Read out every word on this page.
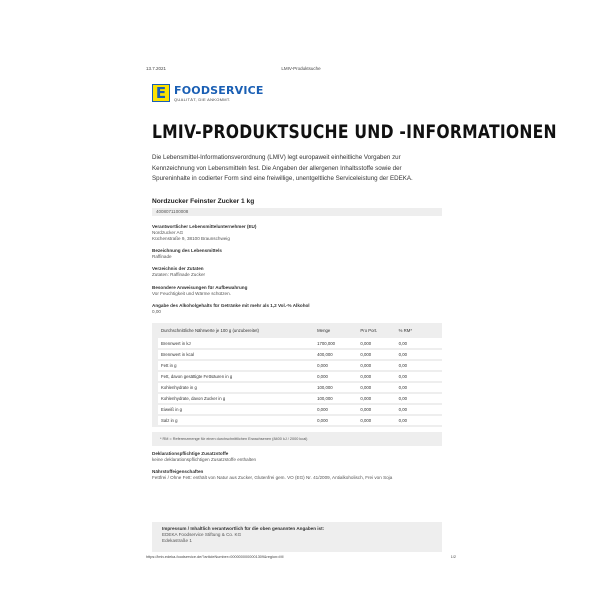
13.7.2021	LMIV-Produktsuche
E FOODSERVICE
QUALITÄT, DIE ANKOMMT.
LMIV-PRODUKTSUCHE UND -INFORMATIONEN
Die Lebensmittel-Informationsverordnung (LMIV) legt europaweit einheitliche Vorgaben zur
Kennzeichnung von Lebensmitteln fest. Die Angaben der allergenen Inhaltsstoffe sowie der
Spureninhalte in codierter Form sind eine freiwillige, unentgeltliche Serviceleistung der EDEKA.
Nordzucker Feinster Zucker 1 kg
4008071100008
Verantwortlicher Lebensmittelunternehmer (EU)
Nordzucker AG
Küchenstraße 9, 38100 Braunschweig
Bezeichnung des Lebensmittels
Raffinade
Verzeichnis der Zutaten
Zutaten: Raffinade Zucker
Besondere Anweisungen für Aufbewahrung
Vor Feuchtigkeit und Wärme schützen.
Angabe des Alkoholgehalts für Getränke mit mehr als 1,2 Vol.-% Alkohol
0,00
	Durchschnittliche Nährwerte je 100 g (unzubereitet)	Menge	Pro Port.	% RM*
	Brennwert in kJ	1700,000	0,000	0,00
	Brennwert in kcal	400,000	0,000	0,00
	Fett in g	0,000	0,000	0,00
	Fett, davon gesättigte Fettsäuren in g	0,000	0,000	0,00
	Kohlenhydrate in g	100,000	0,000	0,00
	Kohlenhydrate, davon Zucker in g	100,000	0,000	0,00
	Eiweiß in g	0,000	0,000	0,00
	Salz in g	0,000	0,000	0,00
* RM = Referenzmenge für einen durchschnittlichen Erwachsenen (8400 kJ / 2000 kcal)
Deklarationspflichtige Zusatzstoffe
keine deklarationspflichtigen Zusatzstoffe enthalten
Nährstoffeigenschaften
Fettfrei / Ohne Fett: enthält von Natur aus Zucker, Glutenfrei gem. VO (EG) Nr. 41/2009, Antialkoholisch, Frei von Soja
Impressum / Inhaltlich verantwortlich für die oben genannten Angaben ist:
EDEKA Foodservice Stiftung & Co. KG
Edekastraße 1
https://lmiv.edeka-foodservice.de/?articleNumber=0000000000001309&region=MI	1/2
